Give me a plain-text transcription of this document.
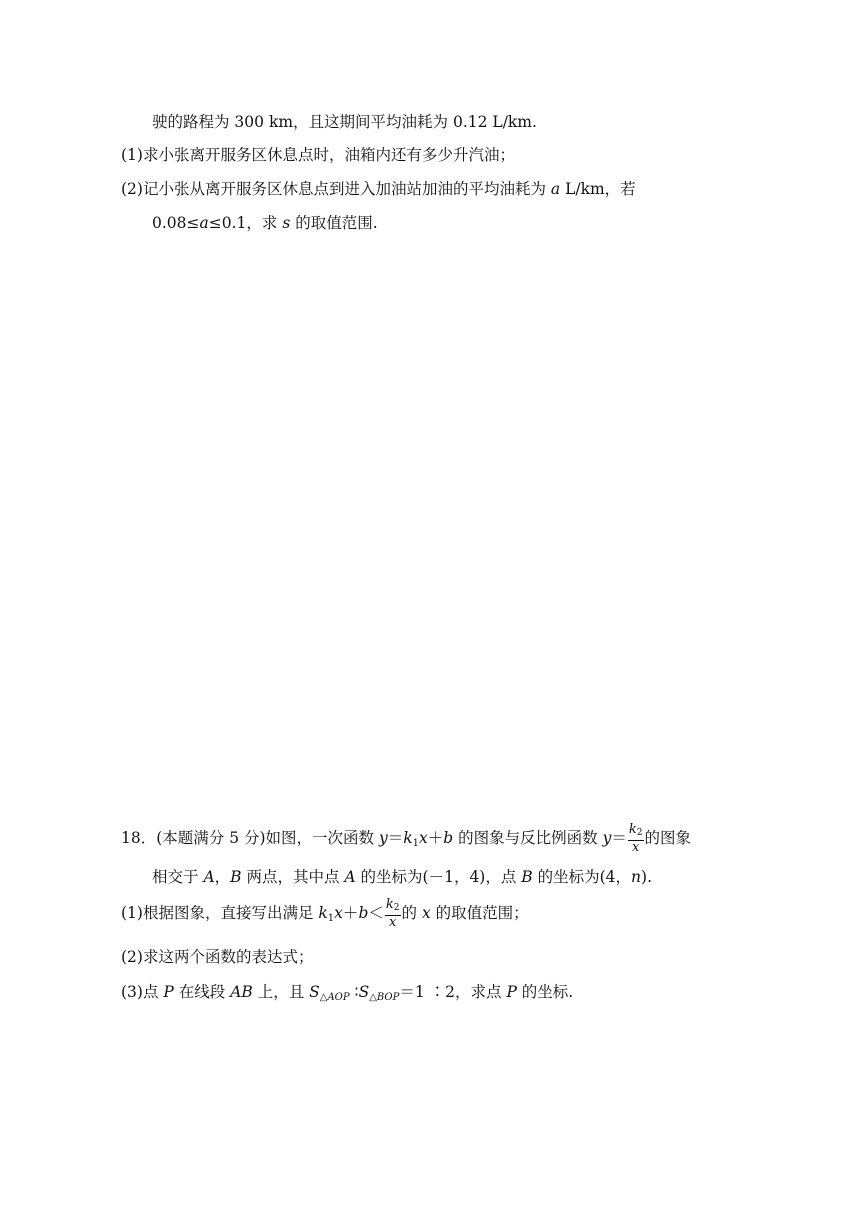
驶的路程为 300 km，且这期间平均油耗为 0.12 L/km.
(1)求小张离开服务区休息点时，油箱内还有多少升汽油；
(2)记小张从离开服务区休息点到进入加油站加油的平均油耗为 a L/km，若
0.08≤a≤0.1，求 s 的取值范围.
18．(本题满分 5 分)如图，一次函数 $y=k_1x+b$ 的图象与反比例函数 $y= \frac{k_2}{x}$ 的图象
相交于 A，B 两点，其中点 A 的坐标为(－1，4)，点 B 的坐标为(4，n).
(1)根据图象，直接写出满足 $k_1x+b< \frac{k_2}{x}$ 的 x 的取值范围；
(2)求这两个函数的表达式；
(3)点 P 在线段 AB 上，且 $S_{\triangle AOP}$ $∶S_{\triangle BOP}=1$ ∶2，求点 P 的坐标.
